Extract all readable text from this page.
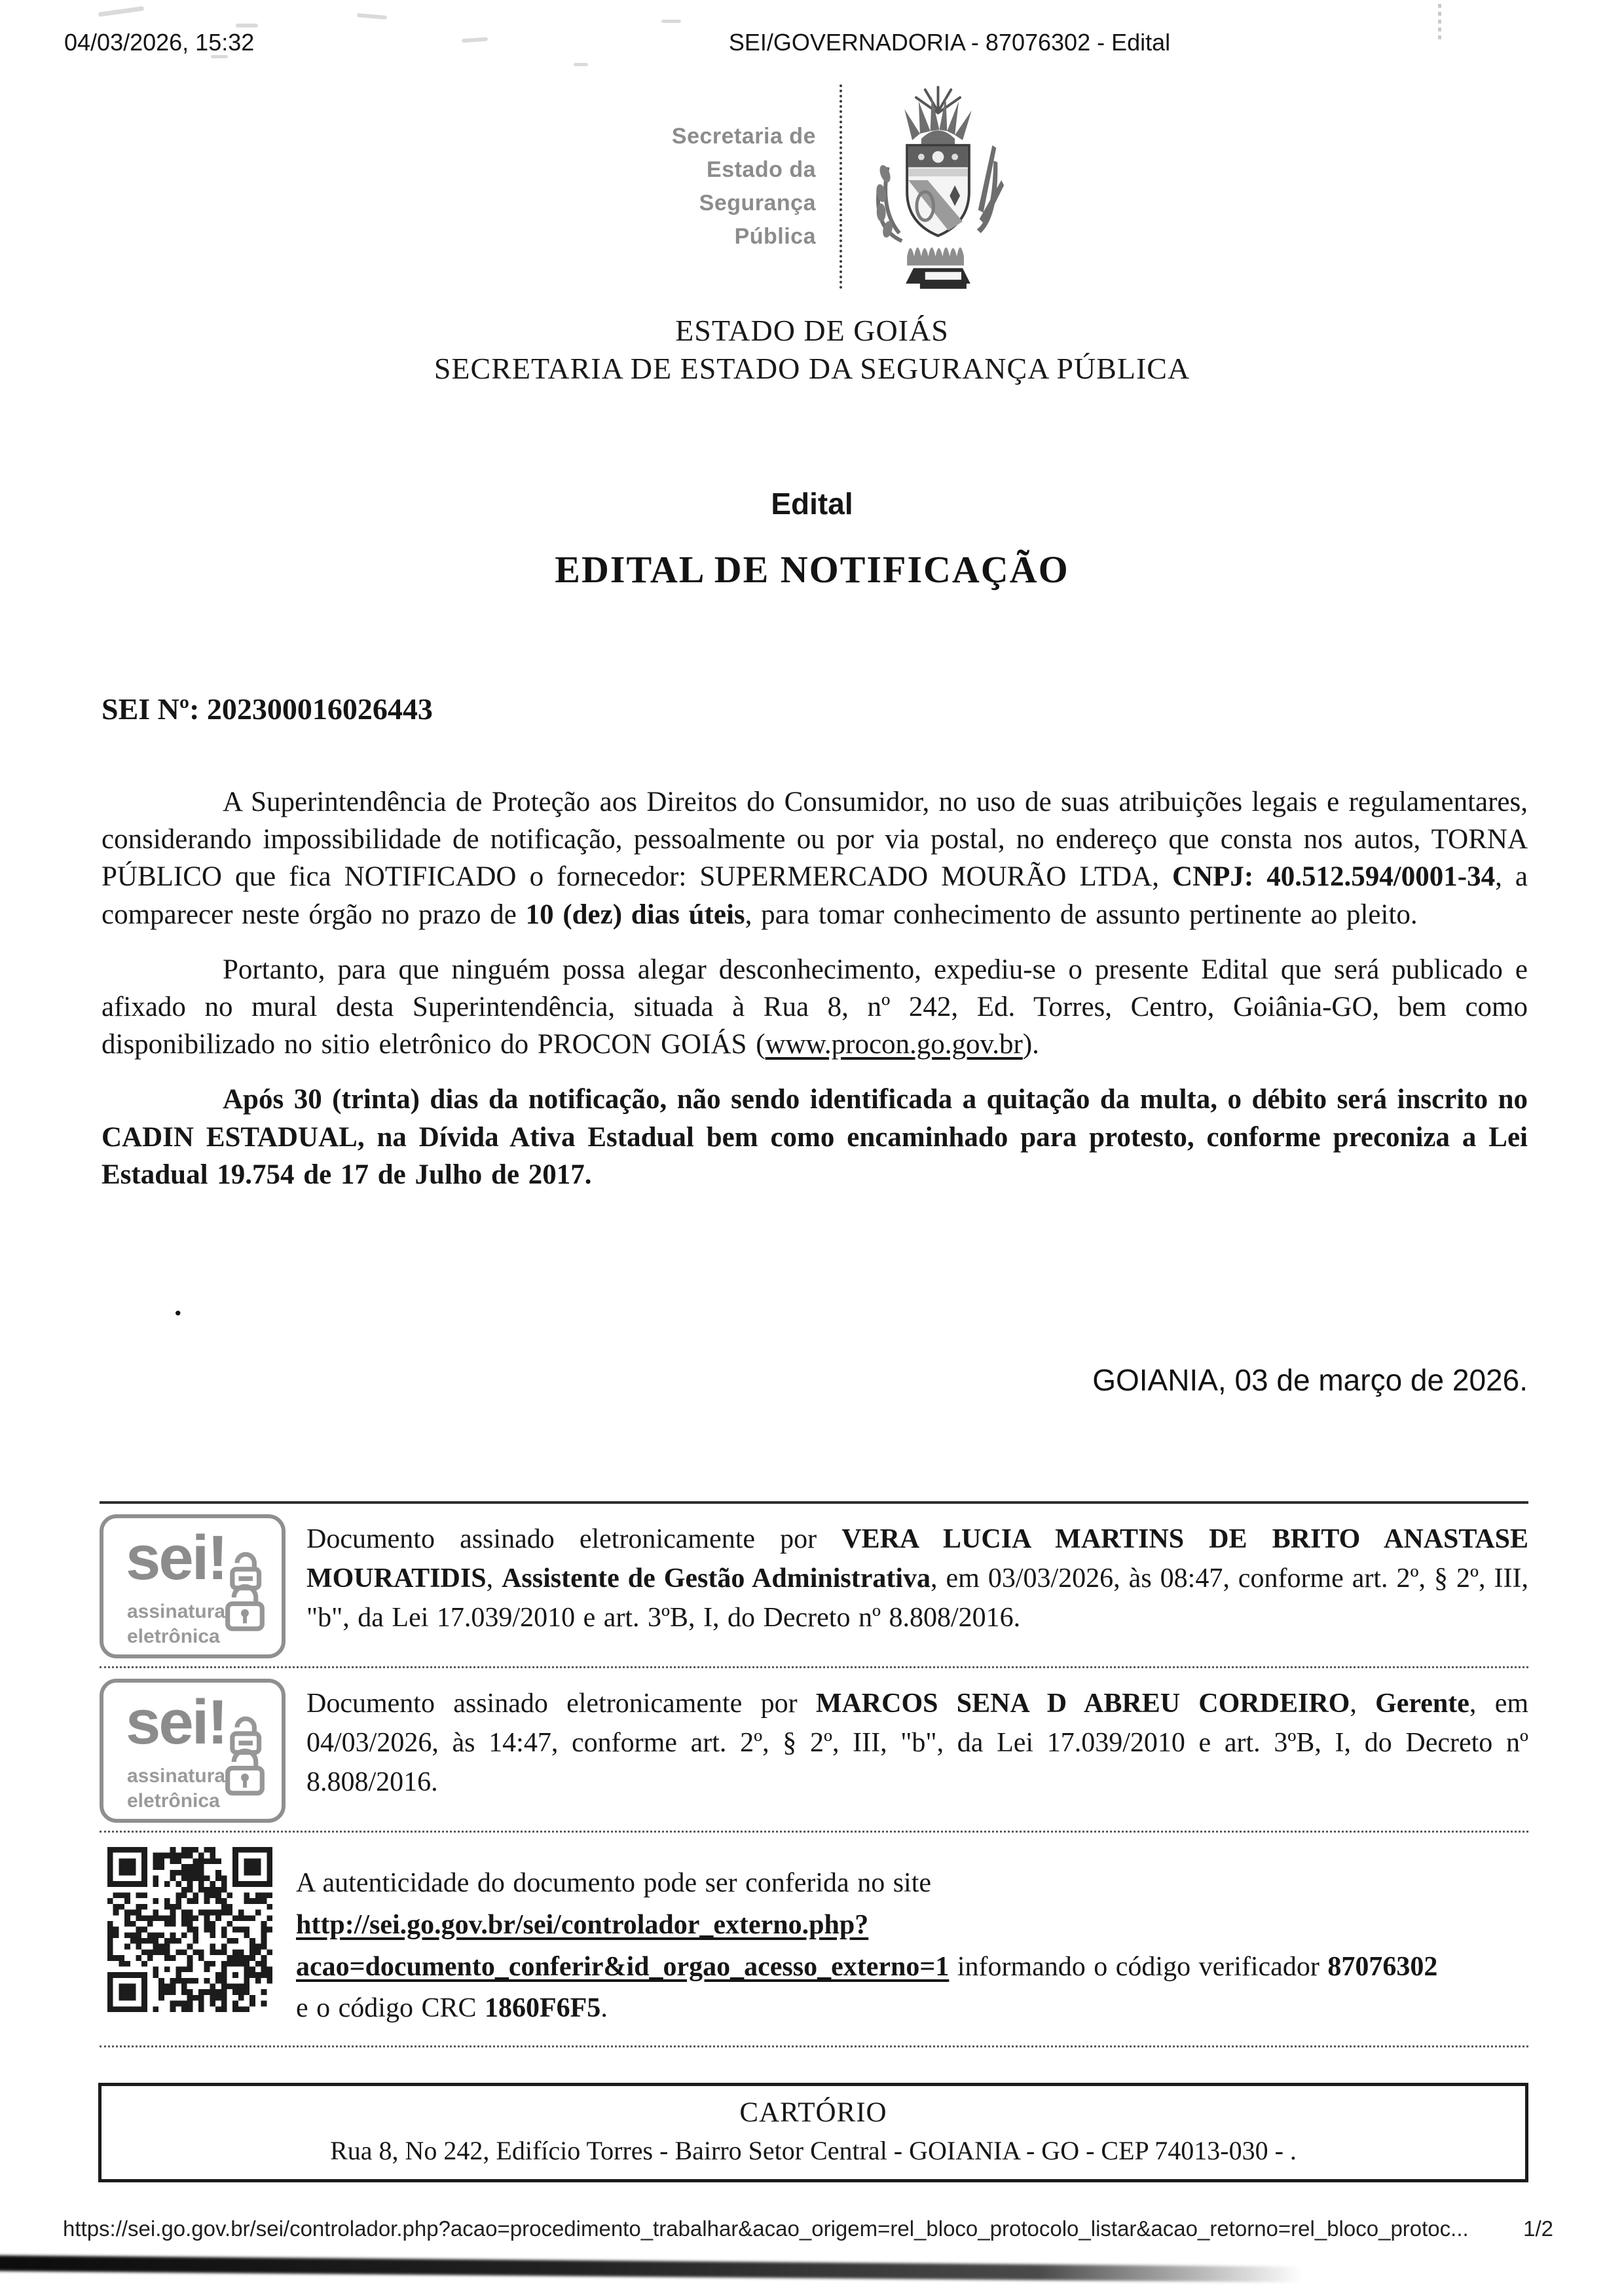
04/03/2026, 15:32	SEI/GOVERNADORIA - 87076302 - Edital
Secretaria de
Estado da
Segurança
Pública
ESTADO DE GOIÁS
SECRETARIA DE ESTADO DA SEGURANÇA PÚBLICA
Edital
EDITAL DE NOTIFICAÇÃO
SEI Nº: 202300016026443

A Superintendência de Proteção aos Direitos do Consumidor, no uso de suas atribuições legais e regulamentares, considerando impossibilidade de notificação, pessoalmente ou por via postal, no endereço que consta nos autos, TORNA PÚBLICO que fica NOTIFICADO o fornecedor: SUPERMERCADO MOURÃO LTDA, CNPJ: 40.512.594/0001-34, a comparecer neste órgão no prazo de 10 (dez) dias úteis, para tomar conhecimento de assunto pertinente ao pleito.

Portanto, para que ninguém possa alegar desconhecimento, expediu-se o presente Edital que será publicado e afixado no mural desta Superintendência, situada à Rua 8, nº 242, Ed. Torres, Centro, Goiânia-GO, bem como disponibilizado no sitio eletrônico do PROCON GOIÁS (www.procon.go.gov.br).

Após 30 (trinta) dias da notificação, não sendo identificada a quitação da multa, o débito será inscrito no CADIN ESTADUAL, na Dívida Ativa Estadual bem como encaminhado para protesto, conforme preconiza a Lei Estadual 19.754 de 17 de Julho de 2017.

.
GOIANIA, 03 de março de 2026.
sei!
assinatura
eletrônica
Documento assinado eletronicamente por VERA LUCIA MARTINS DE BRITO ANASTASE MOURATIDIS, Assistente de Gestão Administrativa, em 03/03/2026, às 08:47, conforme art. 2º, § 2º, III, "b", da Lei 17.039/2010 e art. 3ºB, I, do Decreto nº 8.808/2016.
sei!
assinatura
eletrônica
Documento assinado eletronicamente por MARCOS SENA D ABREU CORDEIRO, Gerente, em 04/03/2026, às 14:47, conforme art. 2º, § 2º, III, "b", da Lei 17.039/2010 e art. 3ºB, I, do Decreto nº 8.808/2016.
A autenticidade do documento pode ser conferida no site
http://sei.go.gov.br/sei/controlador_externo.php?
acao=documento_conferir&id_orgao_acesso_externo=1 informando o código verificador 87076302
e o código CRC 1860F6F5.
CARTÓRIO
Rua 8, No 242, Edifício Torres - Bairro Setor Central - GOIANIA - GO - CEP 74013-030 - .
https://sei.go.gov.br/sei/controlador.php?acao=procedimento_trabalhar&acao_origem=rel_bloco_protocolo_listar&acao_retorno=rel_bloco_protoc...	1/2
